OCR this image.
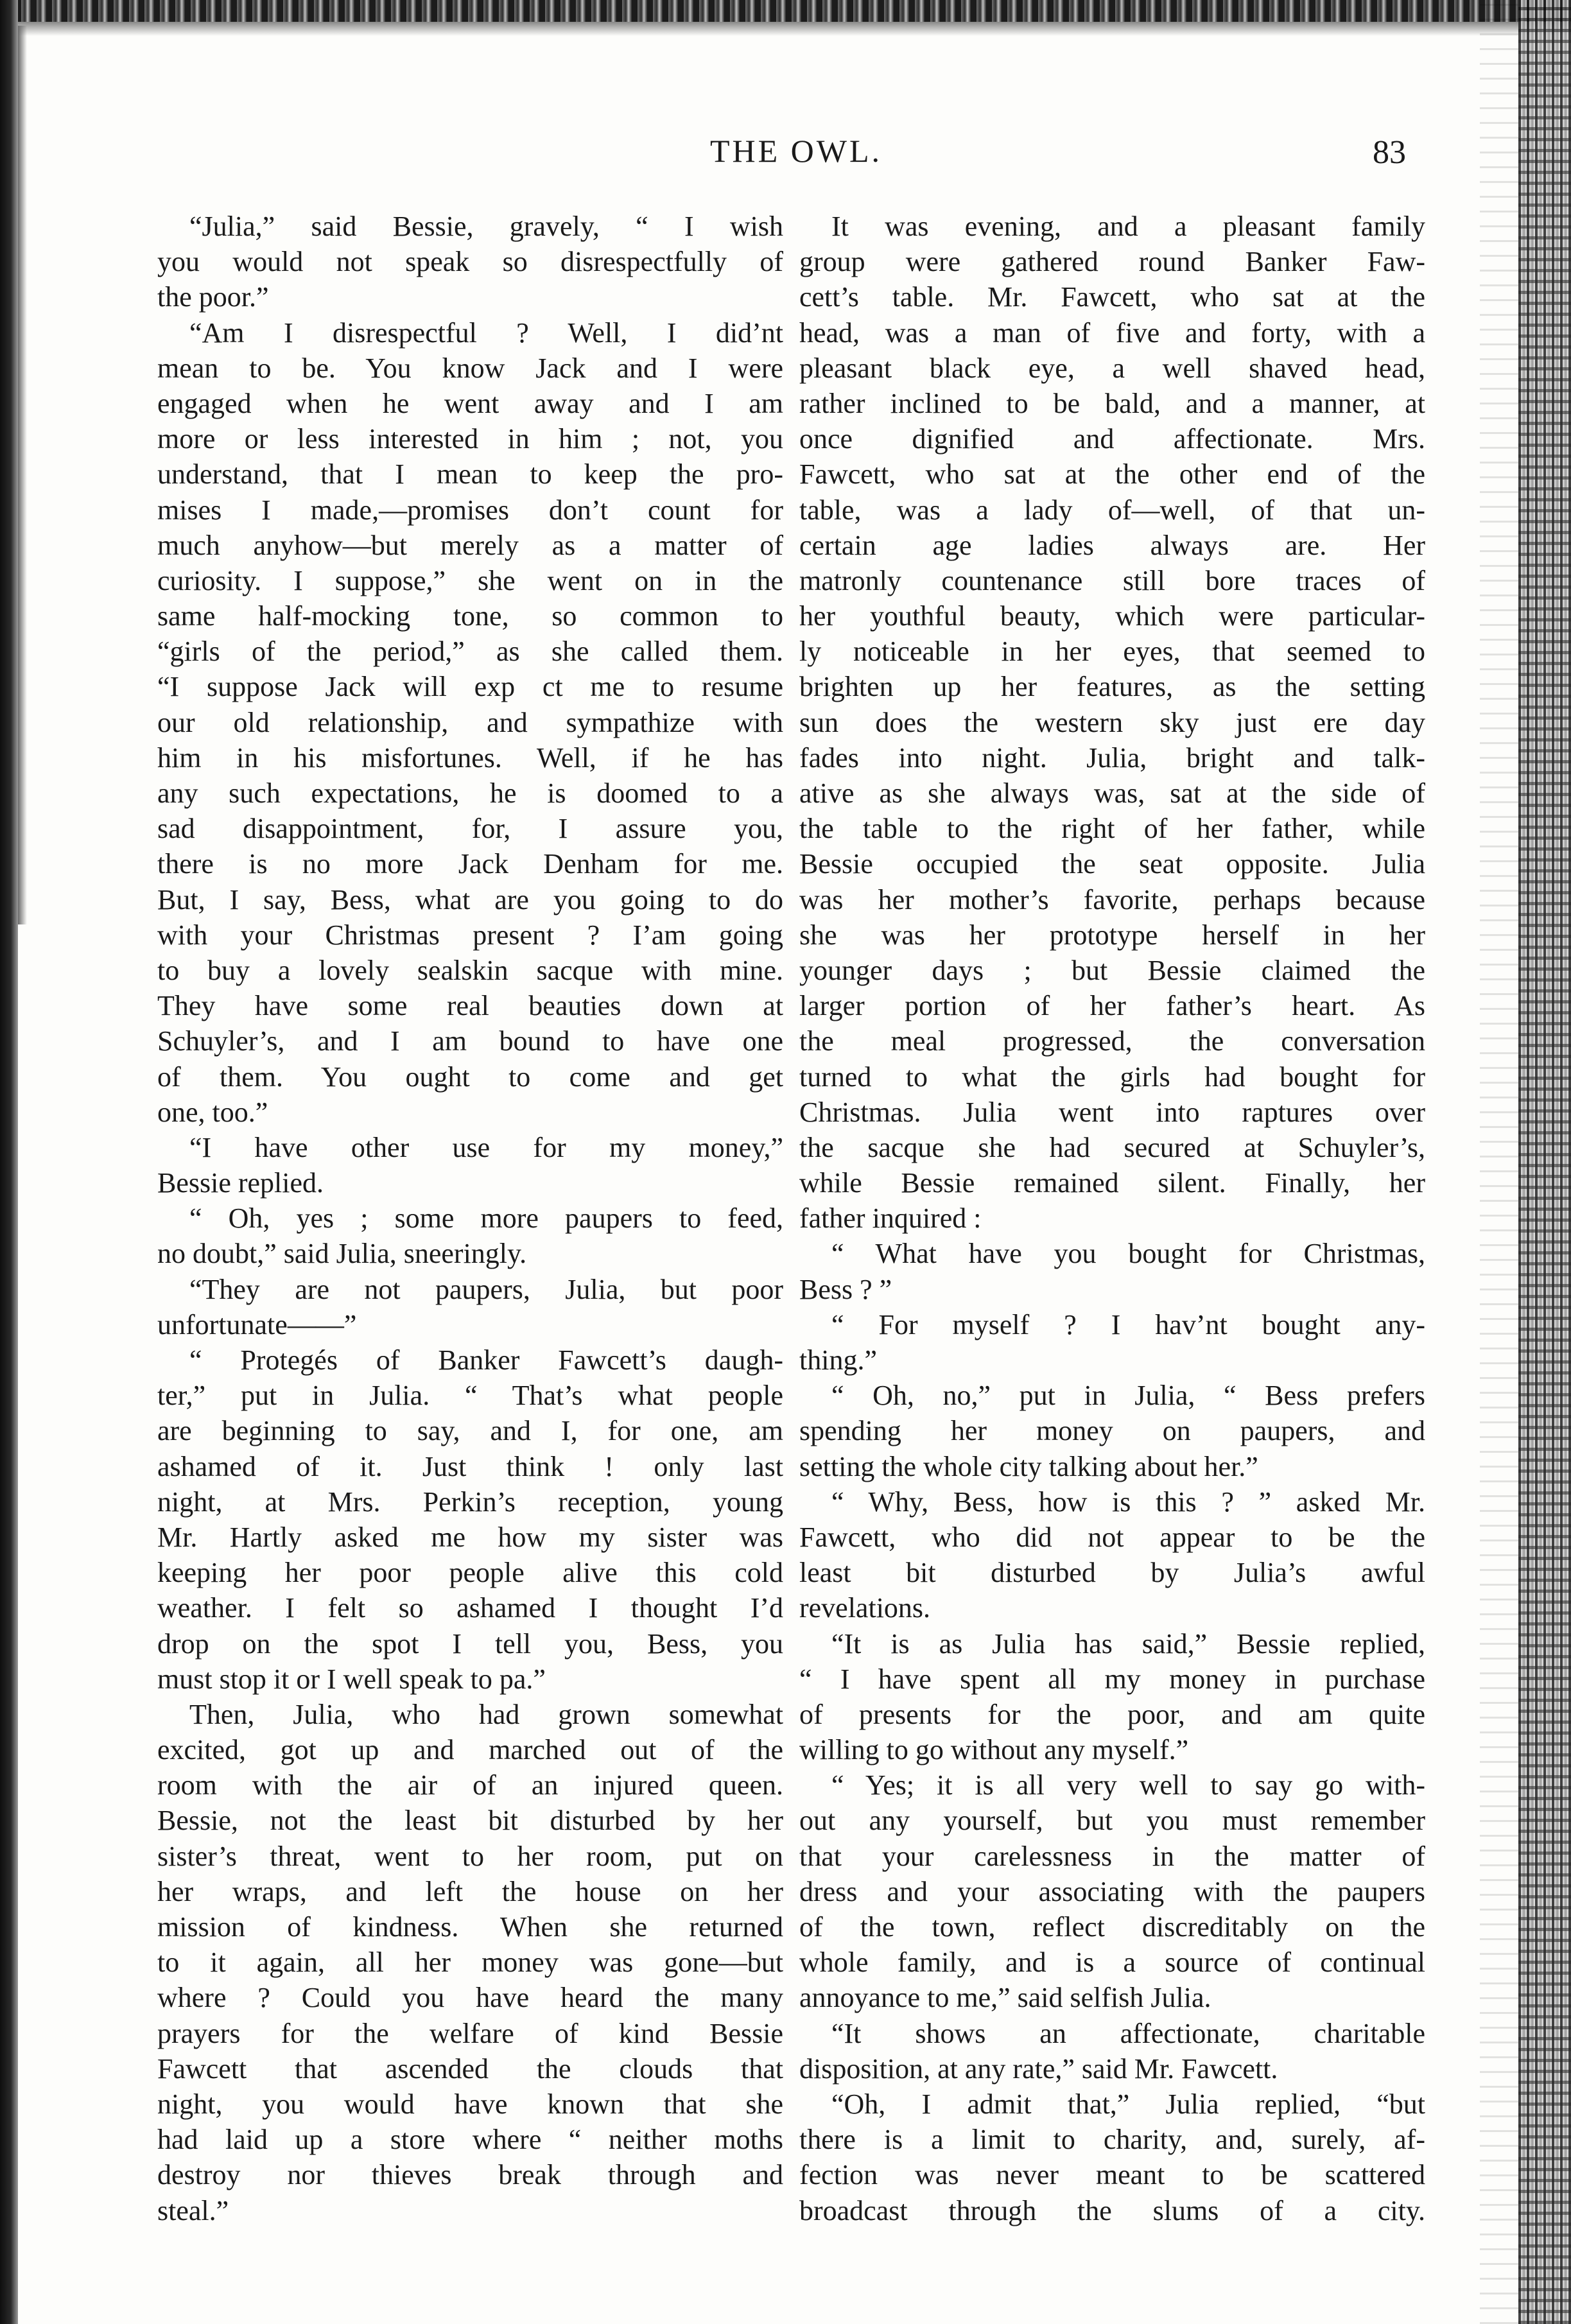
THE OWL.	83
“Julia,” said Bessie, gravely, “ I wish
you would not speak so disrespectfully of
the poor.”
“Am I disrespectful ? Well, I did’nt
mean to be. You know Jack and I were
engaged when he went away and I am
more or less interested in him ; not, you
understand, that I mean to keep the pro-
mises I made,—promises don’t count for
much anyhow—but merely as a matter of
curiosity. I suppose,” she went on in the
same half-mocking tone, so common to
“girls of the period,” as she called them.
“I suppose Jack will exp ct me to resume
our old relationship, and sympathize with
him in his misfortunes. Well, if he has
any such expectations, he is doomed to a
sad disappointment, for, I assure you,
there is no more Jack Denham for me.
But, I say, Bess, what are you going to do
with your Christmas present ? I’am going
to buy a lovely sealskin sacque with mine.
They have some real beauties down at
Schuyler’s, and I am bound to have one
of them. You ought to come and get
one, too.”
“I have other use for my money,”
Bessie replied.
“ Oh, yes ; some more paupers to feed,
no doubt,” said Julia, sneeringly.
“They are not paupers, Julia, but poor
unfortunate——”
“ Protegés of Banker Fawcett’s daugh-
ter,” put in Julia. “ That’s what people
are beginning to say, and I, for one, am
ashamed of it. Just think ! only last
night, at Mrs. Perkin’s reception, young
Mr. Hartly asked me how my sister was
keeping her poor people alive this cold
weather. I felt so ashamed I thought I’d
drop on the spot I tell you, Bess, you
must stop it or I well speak to pa.”
Then, Julia, who had grown somewhat
excited, got up and marched out of the
room with the air of an injured queen.
Bessie, not the least bit disturbed by her
sister’s threat, went to her room, put on
her wraps, and left the house on her
mission of kindness. When she returned
to it again, all her money was gone—but
where ? Could you have heard the many
prayers for the welfare of kind Bessie
Fawcett that ascended the clouds that
night, you would have known that she
had laid up a store where “ neither moths
destroy nor thieves break through and
steal.”
It was evening, and a pleasant family
group were gathered round Banker Faw-
cett’s table. Mr. Fawcett, who sat at the
head, was a man of five and forty, with a
pleasant black eye, a well shaved head,
rather inclined to be bald, and a manner, at
once dignified and affectionate. Mrs.
Fawcett, who sat at the other end of the
table, was a lady of—well, of that un-
certain age ladies always are. Her
matronly countenance still bore traces of
her youthful beauty, which were particular-
ly noticeable in her eyes, that seemed to
brighten up her features, as the setting
sun does the western sky just ere day
fades into night. Julia, bright and talk-
ative as she always was, sat at the side of
the table to the right of her father, while
Bessie occupied the seat opposite. Julia
was her mother’s favorite, perhaps because
she was her prototype herself in her
younger days ; but Bessie claimed the
larger portion of her father’s heart. As
the meal progressed, the conversation
turned to what the girls had bought for
Christmas. Julia went into raptures over
the sacque she had secured at Schuyler’s,
while Bessie remained silent. Finally, her
father inquired :
“ What have you bought for Christmas,
Bess ? ”
“ For myself ? I hav’nt bought any-
thing.”
“ Oh, no,” put in Julia, “ Bess prefers
spending her money on paupers, and
setting the whole city talking about her.”
“ Why, Bess, how is this ? ” asked Mr.
Fawcett, who did not appear to be the
least bit disturbed by Julia’s awful
revelations.
“It is as Julia has said,” Bessie replied,
“ I have spent all my money in purchase
of presents for the poor, and am quite
willing to go without any myself.”
“ Yes; it is all very well to say go with-
out any yourself, but you must remember
that your carelessness in the matter of
dress and your associating with the paupers
of the town, reflect discreditably on the
whole family, and is a source of continual
annoyance to me,” said selfish Julia.
“It shows an affectionate, charitable
disposition, at any rate,” said Mr. Fawcett.
“Oh, I admit that,” Julia replied, “but
there is a limit to charity, and, surely, af-
fection was never meant to be scattered
broadcast through the slums of a city.
